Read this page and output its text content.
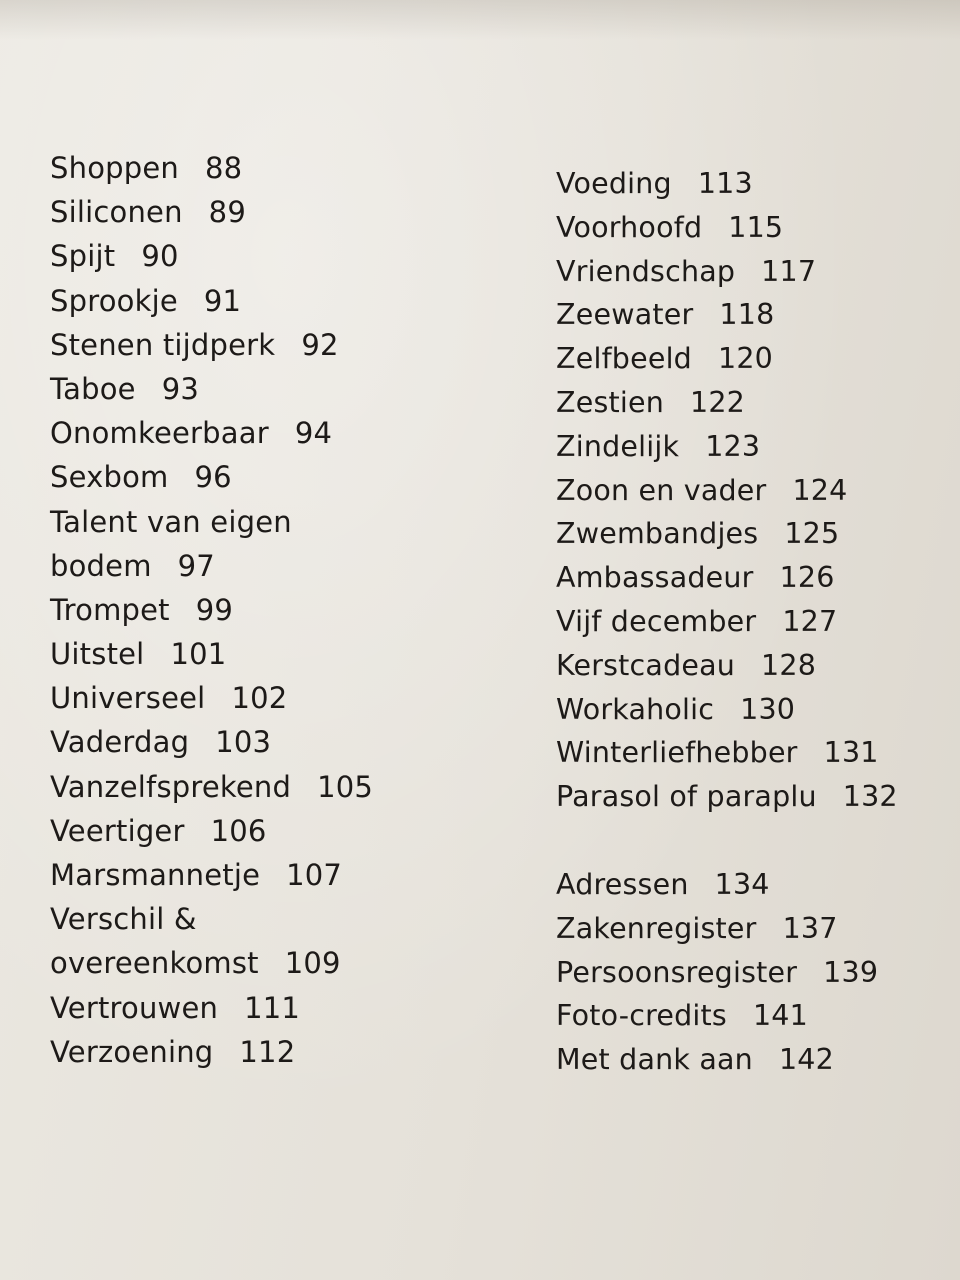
Shoppen 88
Siliconen 89
Spijt 90
Sprookje 91
Stenen tijdperk 92
Taboe 93
Onomkeerbaar 94
Sexbom 96
Talent van eigen
bodem 97
Trompet 99
Uitstel 101
Universeel 102
Vaderdag 103
Vanzelfsprekend 105
Veertiger 106
Marsmannetje 107
Verschil &
overeenkomst 109
Vertrouwen 111
Verzoening 112
Voeding 113
Voorhoofd 115
Vriendschap 117
Zeewater 118
Zelfbeeld 120
Zestien 122
Zindelijk 123
Zoon en vader 124
Zwembandjes 125
Ambassadeur 126
Vijf december 127
Kerstcadeau 128
Workaholic 130
Winterliefhebber 131
Parasol of paraplu 132
Adressen 134
Zakenregister 137
Persoonsregister 139
Foto-credits 141
Met dank aan 142
